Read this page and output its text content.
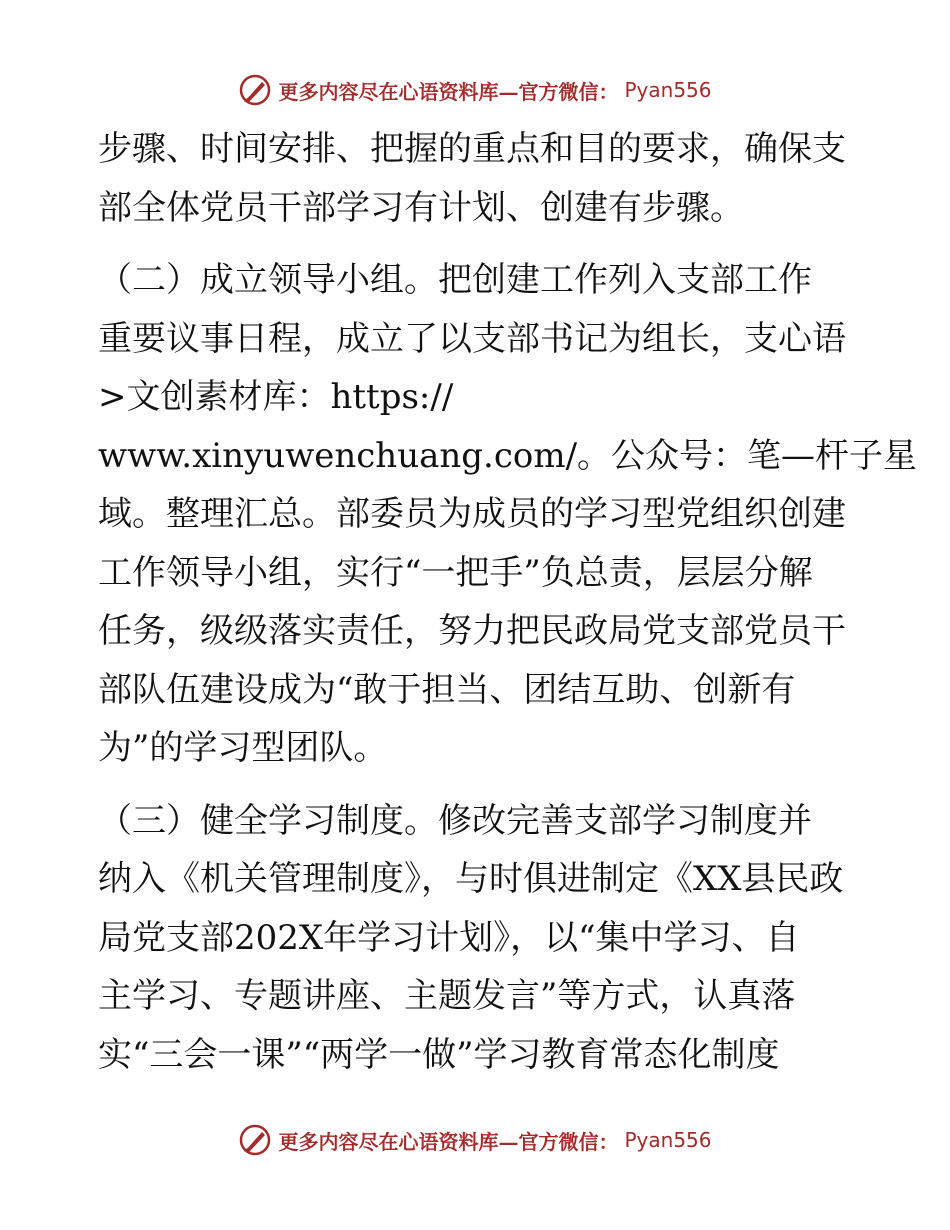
更多内容尽在心语资料库—官方微信： Pyan556
步骤、时间安排、把握的重点和目的要求，确保支
部全体党员干部学习有计划、创建有步骤。
（二）成立领导小组。把创建工作列入支部工作
重要议事日程，成立了以支部书记为组长，支心语
>文创素材库：https://
www.xinyuwenchuang.com/。公众号：笔—杆子星
域。整理汇总。部委员为成员的学习型党组织创建
工作领导小组，实行“一把手”负总责，层层分解
任务，级级落实责任，努力把民政局党支部党员干
部队伍建设成为“敢于担当、团结互助、创新有
为”的学习型团队。
（三）健全学习制度。修改完善支部学习制度并
纳入《机关管理制度》，与时俱进制定《XX县民政
局党支部202X年学习计划》，以“集中学习、自
主学习、专题讲座、主题发言”等方式，认真落
实“三会一课”“两学一做”学习教育常态化制度
更多内容尽在心语资料库—官方微信： Pyan556
